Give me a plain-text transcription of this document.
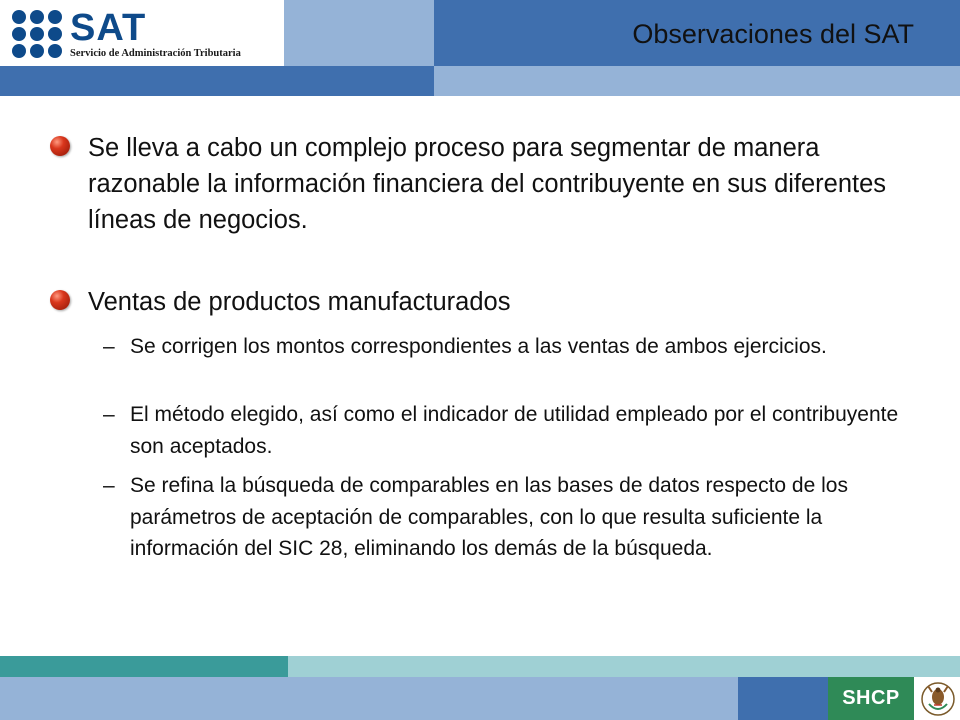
SAT
Servicio de Administración Tributaria
Observaciones del SAT
Se lleva a cabo un complejo proceso para segmentar de manera razonable la información financiera del contribuyente en sus diferentes líneas de negocios.
Ventas de productos manufacturados
– Se corrigen los montos correspondientes a las ventas de ambos ejercicios.
– El método elegido, así como el indicador de utilidad empleado por el contribuyente son aceptados.
– Se refina la búsqueda de comparables en las bases de datos respecto de los parámetros de aceptación de comparables, con lo que resulta suficiente la información del SIC 28, eliminando los demás de la búsqueda.
SHCP
